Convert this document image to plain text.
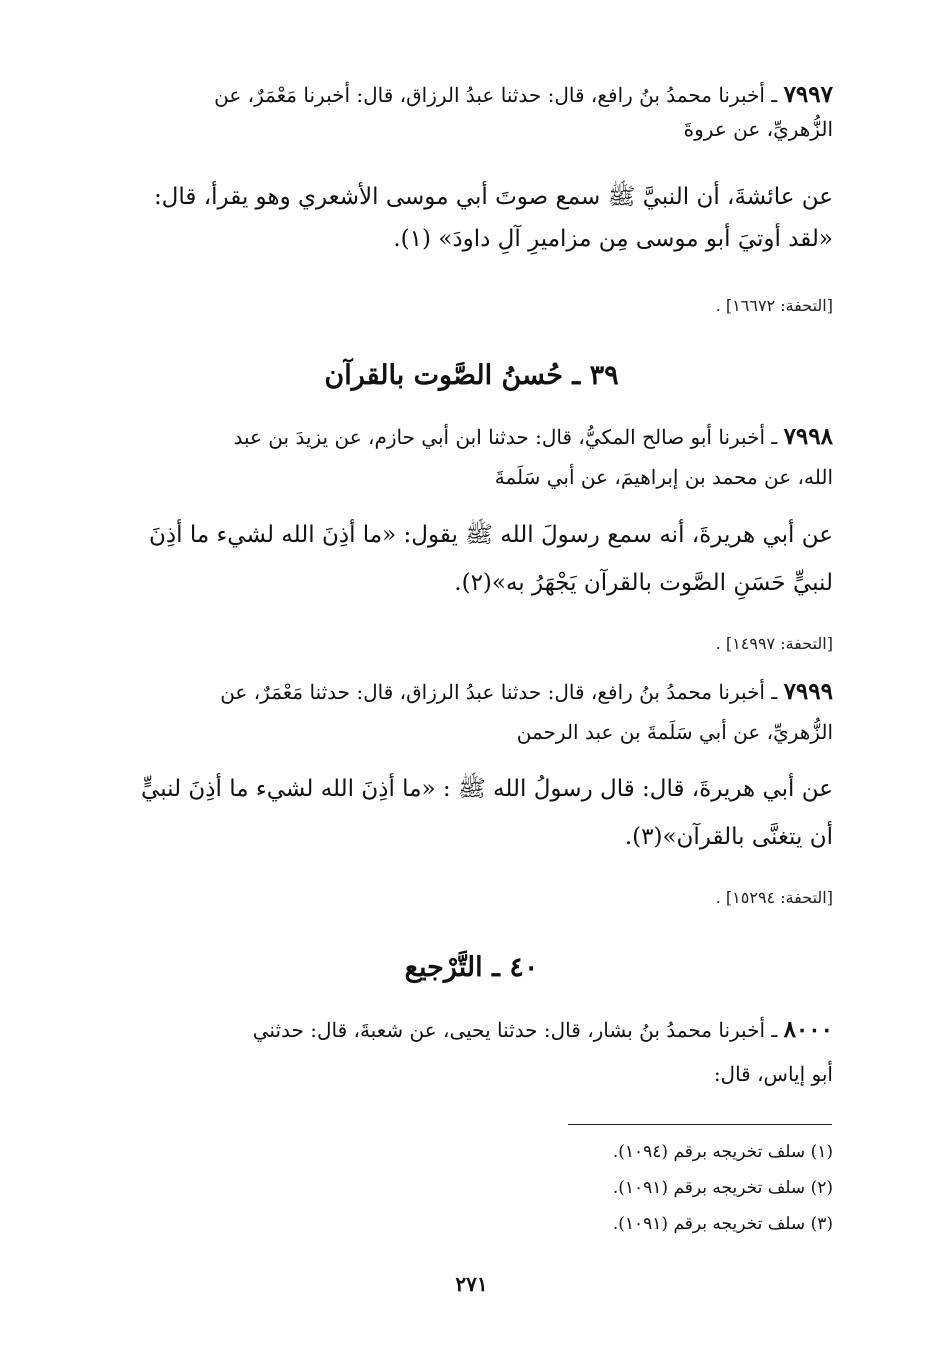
٧٩٩٧ ـ أخبرنا محمدُ بنُ رافع، قال: حدثنا عبدُ الرزاق، قال: أخبرنا مَعْمَرٌ، عن
الزُّهريِّ، عن عروةَ
عن عائشةَ، أن النبيَّ ﷺ سمع صوتَ أبي موسى الأشعري وهو يقرأ، قال:
«لقد أُوتيَ أبو موسى مِن مزاميرِ آلِ داودَ» (١).
[التحفة: ١٦٦٧٢] .
٣٩ ـ حُسنُ الصَّوت بالقرآن
٧٩٩٨ ـ أخبرنا أبو صالح المكيُّ، قال: حدثنا ابن أبي حازم، عن يزيدَ بن عبد
الله، عن محمد بن إبراهيمَ، عن أبي سَلَمةَ
عن أبي هريرةَ، أنه سمع رسولَ الله ﷺ يقول: «ما أذِنَ الله لشيء ما أذِنَ
لنبيٍّ حَسَنِ الصَّوت بالقرآن يَجْهَرُ به»(٢).
[التحفة: ١٤٩٩٧] .
٧٩٩٩ ـ أخبرنا محمدُ بنُ رافع، قال: حدثنا عبدُ الرزاق، قال: حدثنا مَعْمَرٌ، عن
الزُّهريِّ، عن أبي سَلَمةَ بن عبد الرحمن
عن أبي هريرةَ، قال: قال رسولُ الله ﷺ : «ما أذِنَ الله لشيء ما أذِنَ لنبيٍّ
أن يتغنَّى بالقرآن»(٣).
[التحفة: ١٥٢٩٤] .
٤٠ ـ التَّرْجيع
٨٠٠٠ ـ أخبرنا محمدُ بنُ بشار، قال: حدثنا يحيى، عن شعبةَ، قال: حدثني
أبو إياس، قال:
(١) سلف تخريجه برقم (١٠٩٤).
(٢) سلف تخريجه برقم (١٠٩١).
(٣) سلف تخريجه برقم (١٠٩١).
٢٧١
